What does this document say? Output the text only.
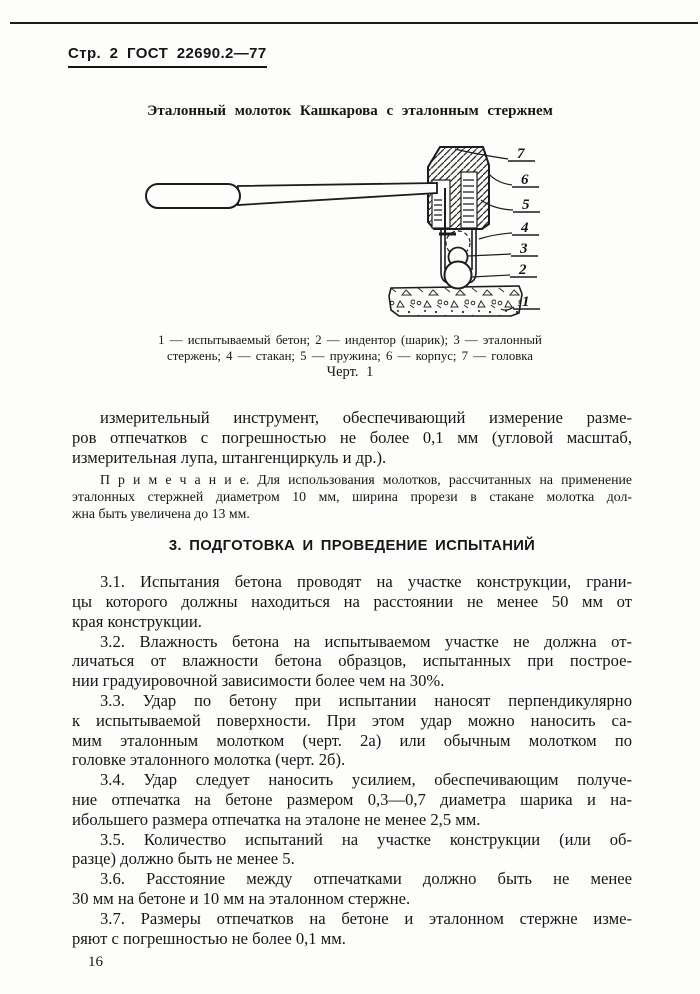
Стр. 2 ГОСТ 22690.2—77
Эталонный молоток Кашкарова с эталонным стержнем
7
6
5
4
3
2
1
1 — испытываемый бетон; 2 — индентор (шарик); 3 — эталонный
стержень; 4 — стакан; 5 — пружина; 6 — корпус; 7 — головка
Черт. 1
измерительный инструмент, обеспечивающий измерение разме-
ров отпечатков с погрешностью не более 0,1 мм (угловой масштаб,
измерительная лупа, штангенциркуль и др.).
П р и м е ч а н и е. Для использования молотков, рассчитанных на применение
эталонных стержней диаметром 10 мм, ширина прорези в стакане молотка дол-
жна быть увеличена до 13 мм.
3. ПОДГОТОВКА И ПРОВЕДЕНИЕ ИСПЫТАНИЙ
3.1. Испытания бетона проводят на участке конструкции, грани-
цы которого должны находиться на расстоянии не менее 50 мм от
края конструкции.
3.2. Влажность бетона на испытываемом участке не должна от-
личаться от влажности бетона образцов, испытанных при построе-
нии градуировочной зависимости более чем на 30%.
3.3. Удар по бетону при испытании наносят перпендикулярно
к испытываемой поверхности. При этом удар можно наносить са-
мим эталонным молотком (черт. 2а) или обычным молотком по
головке эталонного молотка (черт. 2б).
3.4. Удар следует наносить усилием, обеспечивающим получе-
ние отпечатка на бетоне размером 0,3—0,7 диаметра шарика и на-
ибольшего размера отпечатка на эталоне не менее 2,5 мм.
3.5. Количество испытаний на участке конструкции (или об-
разце) должно быть не менее 5.
3.6. Расстояние между отпечатками должно быть не менее
30 мм на бетоне и 10 мм на эталонном стержне.
3.7. Размеры отпечатков на бетоне и эталонном стержне изме-
ряют с погрешностью не более 0,1 мм.
16
